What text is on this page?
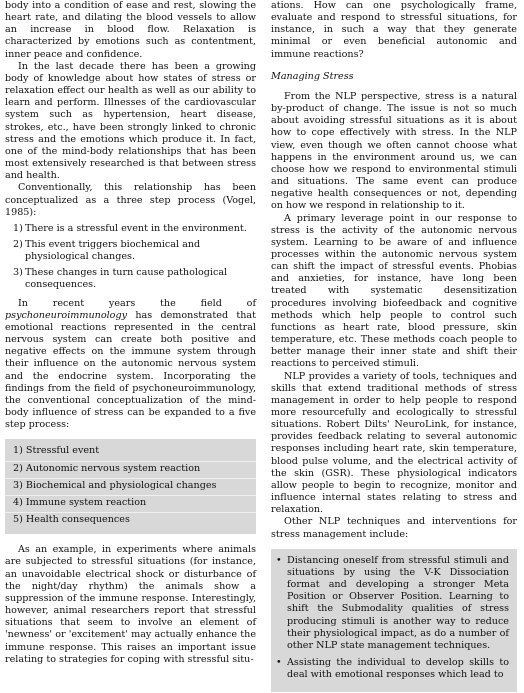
body into a condition of ease and rest, slowing the heart rate, and dilating the blood vessels to allow an increase in blood flow. Relaxation is characterized by emotions such as contentment, inner peace and confidence.

In the last decade there has been a growing body of knowledge about how states of stress or relaxation effect our health as well as our ability to learn and perform. Illnesses of the cardiovascular system such as hypertension, heart disease, strokes, etc., have been strongly linked to chronic stress and the emotions which produce it. In fact, one of the mind-body relationships that has been most extensively researched is that between stress and health.

Conventionally, this relationship has been conceptualized as a three step process (Vogel, 1985):

1) There is a stressful event in the environment.
2) This event triggers biochemical and physiological changes.
3) These changes in turn cause pathological consequences.

In recent years the field of psychoneuroimmunology has demonstrated that emotional reactions represented in the central nervous system can create both positive and negative effects on the immune system through their influence on the autonomic nervous system and the endocrine system. Incorporating the findings from the field of psychoneuroimmunology, the conventional conceptualization of the mind-body influence of stress can be expanded to a five step process:

1) Stressful event
2) Autonomic nervous system reaction
3) Biochemical and physiological changes
4) Immune system reaction
5) Health consequences

As an example, in experiments where animals are subjected to stressful situations (for instance, an unavoidable electrical shock or disturbance of the night/day rhythm) the animals show a suppression of the immune response. Interestingly, however, animal researchers report that stressful situations that seem to involve an element of 'newness' or 'excitement' may actually enhance the immune response. This raises an important issue relating to strategies for coping with stressful situ-

ations. How can one psychologically frame, evaluate and respond to stressful situations, for instance, in such a way that they generate minimal or even beneficial autonomic and immune reactions?

Managing Stress

From the NLP perspective, stress is a natural by-product of change. The issue is not so much about avoiding stressful situations as it is about how to cope effectively with stress. In the NLP view, even though we often cannot choose what happens in the environment around us, we can choose how we respond to environmental stimuli and situations. The same event can produce negative health consequences or not, depending on how we respond in relationship to it.

A primary leverage point in our response to stress is the activity of the autonomic nervous system. Learning to be aware of and influence processes within the autonomic nervous system can shift the impact of stressful events. Phobias and anxieties, for instance, have long been treated with systematic desensitization procedures involving biofeedback and cognitive methods which help people to control such functions as heart rate, blood pressure, skin temperature, etc. These methods coach people to better manage their inner state and shift their reactions to perceived stimuli.

NLP provides a variety of tools, techniques and skills that extend traditional methods of stress management in order to help people to respond more resourcefully and ecologically to stressful situations. Robert Dilts' NeuroLink, for instance, provides feedback relating to several autonomic responses including heart rate, skin temperature, blood pulse volume, and the electrical activity of the skin (GSR). These physiological indicators allow people to begin to recognize, monitor and influence internal states relating to stress and relaxation.

Other NLP techniques and interventions for stress management include:

• Distancing oneself from stressful stimuli and situations by using the V-K Dissociation format and developing a stronger Meta Position or Observer Position. Learning to shift the Submodality qualities of stress producing stimuli is another way to reduce their physiological impact, as do a number of other NLP state management techniques.
• Assisting the individual to develop skills to deal with emotional responses which lead to
